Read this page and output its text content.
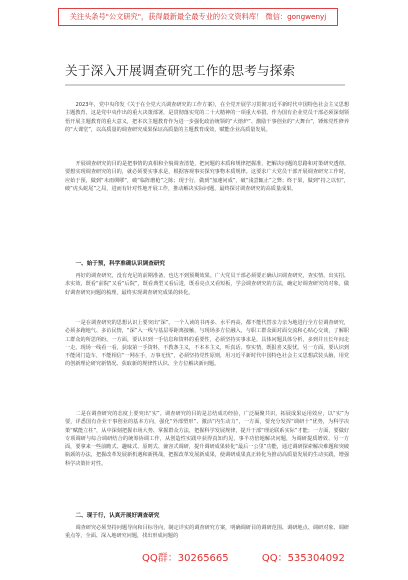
关注头条号"公文研究"，获得最新最全最专业的公文资料库！ 微信：gongwenyj
关于深入开展调查研究工作的思考与探索
2023年，党中央印发《关于在全党大兴调查研究的工作方案》，在全党开展学习贯彻习近平新时代中国特色社会主义思想主题教育，这是党中央作出的重大决策部署，是贯彻落实党的二十大精神的一项重大举措。作为国有企业党员干部必须深刻领悟开展主题教育的重大意义，把本次主题教育作为进一步强化政治统领的“大熔炉”、激励干事创业的“大舞台”，锤炼党性修养的“大课堂”，以高质量的调查研究成果保证高质量的主题教育成效，赋能企业高质量发展。
开展调查研究的目的是把事情的真相和全貌调查清楚，把问题的本质和规律把握准，把解决问题的思路和对策研究透彻。要想实现调查研究的目的，就必须要实事求是，根据客观事实探究事物本质规律。这要求广大党员干部开展调查研究工作时，应始于预，做到“未雨绸缪”，破“临阵磨枪”之陈；现于行，做到“加速问成”，破“浅尝辄止”之弊；终于果，做到“持之以恒”，破“虎头蛇尾”之局，进而有针对性地开展工作，推动解决实际问题，最终探讨调查研究的高质量成果。
一、始于预，科学准确认识调查研究
再好的调查研究，没有充足的前期准备，也达不到预期效果。广大党员干部必须要正确认识调查研究，查实情、出实招、求实效，既看“前院”又看“后院”，既看典型又看后进，既看亮点又看短板，学会调查研究的方法，确定好调查研究的对象，做好调查研究问题的梳理，最终实现调查研究成果的转化。
一是在调查研究的思想认识上要突出“深”。一个人读的书再多、水平再高，都不能代替亲力亲为地进行全方位调查研究，必须多跑地气、多访民情，“深”入一线与基层零距离接触，与现场多方位融入，与职工群众面对面交流和心贴心交谈，了解职工群众的所思所盼。一方面，要认识到一手信息和资料的重要性，必须坚持实事求是，具体问题具体分析，多到并且长年间走一走、现场一线看一看，获取第一手资料，不教条主义，不本本主义，听真话、察实情，既报喜又报忧。另一方面，要认识到不能闭门造车，不能相信“一网在手，万事无忧”，必须坚持党性原则，用习近平新时代中国特色社会主义思想武装头脑，用党的创新理论研究新情况、获取新的规律性认识、全方位解决新问题。
二是在调查研究的态度上要突出“实”。调查研究的目的是总结成功经验，广泛凝聚共识，拓展成果运用效应，以“实”为要，详悉国有企业干事创业的基本方向，强化“外部塑形”、激活“内生动力”，一方面，要充分发挥“调研十”优势，为科学决策“赋能立柱”，从中深刻把握市场大势、掌握群众方法，把握科学发展规律，提升干部“理论联系实际”才能；一方面，要做好专项调研与综合调研结合的统筹协调工作，从创造性实践中获得真知灼见，事半功倍地解决问题，为调研提质增效、另一方面，要拿来一些前瞻式、趣味式、原则式、兼容式调研，提升调研成果转化“最后一公里”功能，通过调研探索解决难题和突破瓶颈的办法，把握改革发展新机遇和新挑战，把握改革发展新成果，使调研成果真正转化为推动高质量发展的生动实践，增强科学决策针对性。
二、现于行，认真开展好调查研究
调查研究必须坚持问题导向和目标导向，制定详实的调查研究方案，明确调研目的调研范围、调研地点、调研对象、调研重点等，全面、深入地研究问题，找出形成问题的
QQ群：30265665	QQ：535304092
